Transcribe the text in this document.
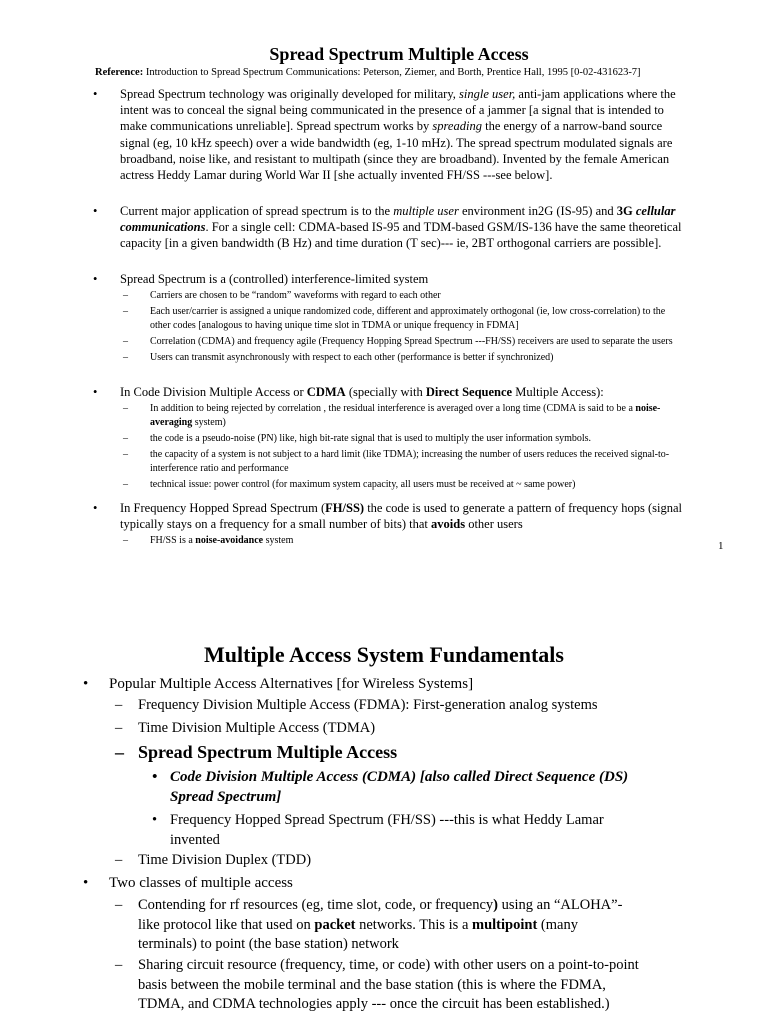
Spread Spectrum Multiple Access
Reference: Introduction to Spread Spectrum Communications: Peterson, Ziemer, and Borth, Prentice Hall, 1995 [0-02-431623-7]
• Spread Spectrum technology was originally developed for military, single user, anti-jam applications where the intent was to conceal the signal being communicated in the presence of a jammer [a signal that is intended to make communications unreliable]. Spread spectrum works by spreading the energy of a narrow-band source signal (eg, 10 kHz speech) over a wide bandwidth (eg, 1-10 mHz). The spread spectrum modulated signals are broadband, noise like, and resistant to multipath (since they are broadband). Invented by the female American actress Heddy Lamar during World War II [she actually invented FH/SS ---see below].
• Current major application of spread spectrum is to the multiple user environment in2G (IS-95) and 3G cellular communications. For a single cell: CDMA-based IS-95 and TDM-based GSM/IS-136 have the same theoretical capacity [in a given bandwidth (B Hz) and time duration (T sec)--- ie, 2BT orthogonal carriers are possible].
• Spread Spectrum is a (controlled) interference-limited system
– Carriers are chosen to be “random” waveforms with regard to each other
– Each user/carrier is assigned a unique randomized code, different and approximately orthogonal (ie, low cross-correlation) to the other codes [analogous to having unique time slot in TDMA or unique frequency in FDMA]
– Correlation (CDMA) and frequency agile (Frequency Hopping Spread Spectrum ---FH/SS) receivers are used to separate the users
– Users can transmit asynchronously with respect to each other (performance is better if synchronized)
• In Code Division Multiple Access or CDMA (specially with Direct Sequence Multiple Access):
– In addition to being rejected by correlation , the residual interference is averaged over a long time (CDMA is said to be a noise-averaging system)
– the code is a pseudo-noise (PN) like, high bit-rate signal that is used to multiply the user information symbols.
– the capacity of a system is not subject to a hard limit (like TDMA); increasing the number of users reduces the received signal-to-interference ratio and performance
– technical issue: power control (for maximum system capacity, all users must be received at ~ same power)
• In Frequency Hopped Spread Spectrum (FH/SS) the code is used to generate a pattern of frequency hops (signal typically stays on a frequency for a small number of bits) that avoids other users
– FH/SS is a noise-avoidance system	1
Multiple Access System Fundamentals
• Popular Multiple Access Alternatives [for Wireless Systems]
– Frequency Division Multiple Access (FDMA): First-generation analog systems
– Time Division Multiple Access (TDMA)
– Spread Spectrum Multiple Access
• Code Division Multiple Access (CDMA) [also called Direct Sequence (DS) Spread Spectrum]
• Frequency Hopped Spread Spectrum (FH/SS) ---this is what Heddy Lamar invented
– Time Division Duplex (TDD)
• Two classes of multiple access
– Contending for rf resources (eg, time slot, code, or frequency) using an “ALOHA”-like protocol like that used on packet networks. This is a multipoint (many terminals) to point (the base station) network
– Sharing circuit resource (frequency, time, or code) with other users on a point-to-point basis between the mobile terminal and the base station (this is where the FDMA, TDMA, and CDMA technologies apply --- once the circuit has been established.)
